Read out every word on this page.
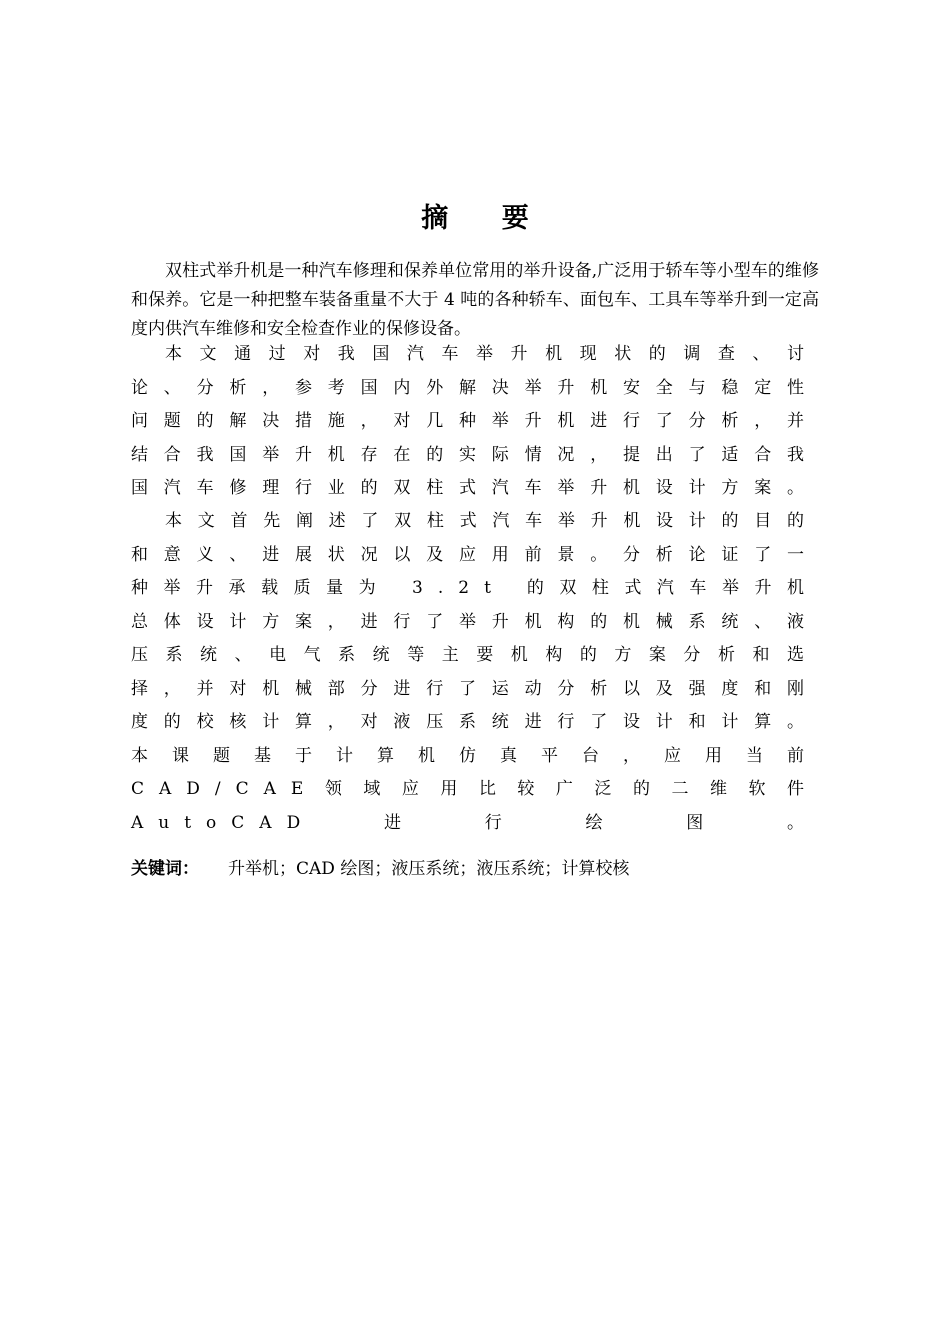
摘 要

双柱式举升机是一种汽车修理和保养单位常用的举升设备,广泛用于轿车等小型车的维修和保养。它是一种把整车装备重量不大于 4 吨的各种轿车、面包车、工具车等举升到一定高度内供汽车维修和安全检查作业的保修设备。

本文通过对我国汽车举升机现状的调查、讨论、分析，参考国内外解决举升机安全与稳定性问题的解决措施，对几种举升机进行了分析，并结合我国举升机存在的实际情况，提出了适合我国汽车修理行业的双柱式汽车举升机设计方案。

本文首先阐述了双柱式汽车举升机设计的目的和意义、进展状况以及应用前景。分析论证了一种举升承载质量为 3.2t 的双柱式汽车举升机总体设计方案，进行了举升机构的机械系统、液压系统、电气系统等主要机构的方案分析和选择，并对机械部分进行了运动分析以及强度和刚度的校核计算，对液压系统进行了设计和计算。本课题基于计算机仿真平台，应用当前 CAD/CAE领域应用比较广泛的二维软件 AutoCAD进行绘图。

关键词： 升举机；CAD 绘图；液压系统；液压系统；计算校核
